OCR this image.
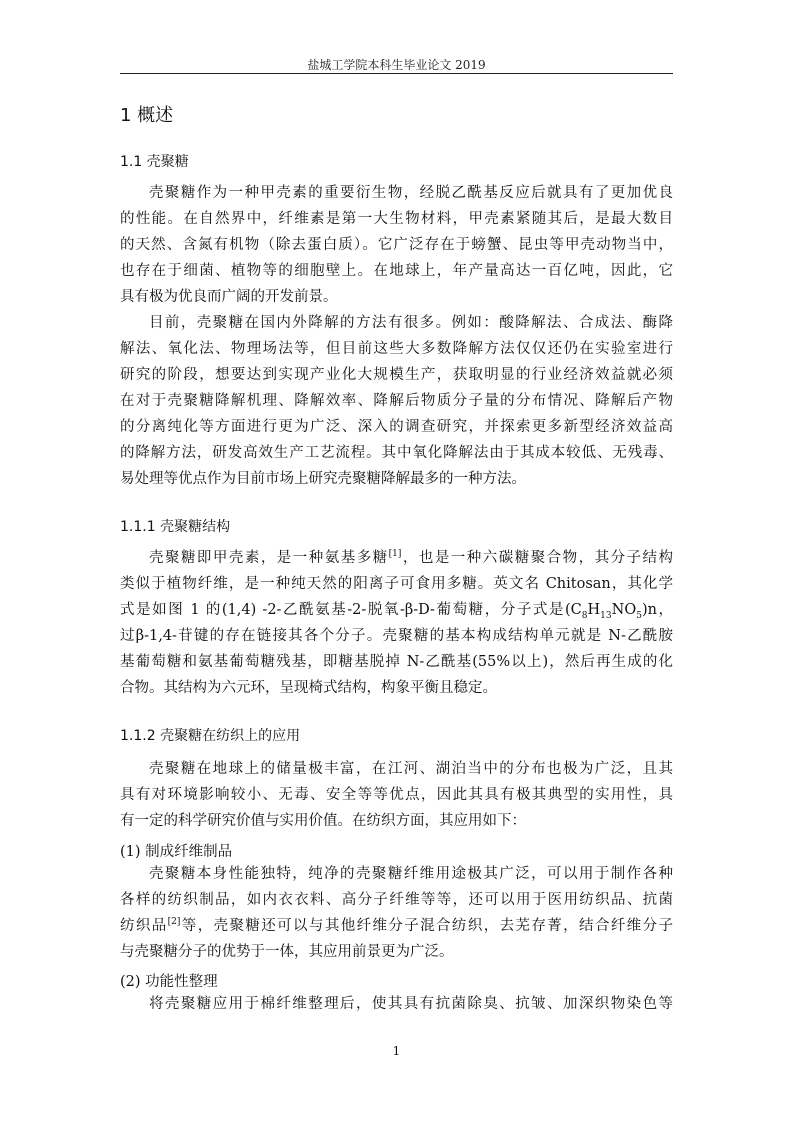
盐城工学院本科生毕业论文 2019
1 概述
1.1 壳聚糖
壳聚糖作为一种甲壳素的重要衍生物，经脱乙酰基反应后就具有了更加优良
的性能。在自然界中，纤维素是第一大生物材料，甲壳素紧随其后，是最大数目
的天然、含氮有机物（除去蛋白质）。它广泛存在于螃蟹、昆虫等甲壳动物当中，
也存在于细菌、植物等的细胞壁上。在地球上，年产量高达一百亿吨，因此，它
具有极为优良而广阔的开发前景。
目前，壳聚糖在国内外降解的方法有很多。例如：酸降解法、合成法、酶降
解法、氧化法、物理场法等，但目前这些大多数降解方法仅仅还仍在实验室进行
研究的阶段，想要达到实现产业化大规模生产，获取明显的行业经济效益就必须
在对于壳聚糖降解机理、降解效率、降解后物质分子量的分布情况、降解后产物
的分离纯化等方面进行更为广泛、深入的调查研究，并探索更多新型经济效益高
的降解方法，研发高效生产工艺流程。其中氧化降解法由于其成本较低、无残毒、
易处理等优点作为目前市场上研究壳聚糖降解最多的一种方法。
1.1.1 壳聚糖结构
壳聚糖即甲壳素，是一种氨基多糖[1]，也是一种六碳糖聚合物，其分子结构
类似于植物纤维，是一种纯天然的阳离子可食用多糖。英文名 Chitosan，其化学
式是如图 1 的(1,4) -2-乙酰氨基-2-脱氧-β-D-葡萄糖，分子式是$(C_8H_{13}NO_5)n$，
过β-1,4-苷键的存在链接其各个分子。壳聚糖的基本构成结构单元就是 N-乙酰胺
基葡萄糖和氨基葡萄糖残基，即糖基脱掉 N-乙酰基(55%以上)，然后再生成的化
合物。其结构为六元环，呈现椅式结构，构象平衡且稳定。
1.1.2 壳聚糖在纺织上的应用
壳聚糖在地球上的储量极丰富，在江河、湖泊当中的分布也极为广泛，且其
具有对环境影响较小、无毒、安全等等优点，因此其具有极其典型的实用性，具
有一定的科学研究价值与实用价值。在纺织方面，其应用如下：
(1) 制成纤维制品
壳聚糖本身性能独特，纯净的壳聚糖纤维用途极其广泛，可以用于制作各种
各样的纺织制品，如内衣衣料、高分子纤维等等，还可以用于医用纺织品、抗菌
纺织品[2]等，壳聚糖还可以与其他纤维分子混合纺织，去芜存菁，结合纤维分子
与壳聚糖分子的优势于一体，其应用前景更为广泛。
(2) 功能性整理
将壳聚糖应用于棉纤维整理后，使其具有抗菌除臭、抗皱、加深织物染色等
1
